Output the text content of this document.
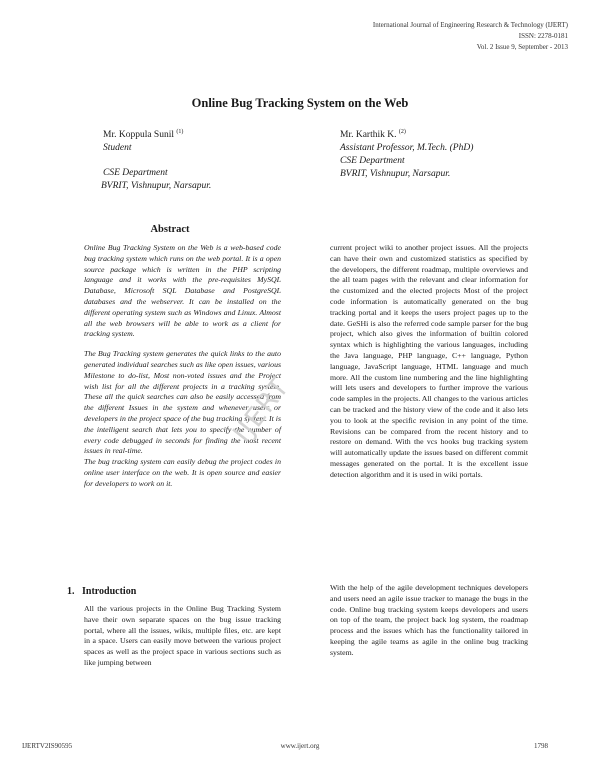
International Journal of Engineering Research & Technology (IJERT)
ISSN: 2278-0181
Vol. 2 Issue 9, September - 2013
Online Bug Tracking System on the Web
Mr. Koppula Sunil $^{(1)}$
Student
CSE Department
BVRIT, Vishnupur, Narsapur.
Mr. Karthik K. $^{(2)}$
Assistant Professor, M.Tech. (PhD)
CSE Department
BVRIT, Vishnupur, Narsapur.
Abstract

Online Bug Tracking System on the Web is a web-based code bug tracking system which runs on the web portal. It is a open source package which is written in the PHP scripting language and it works with the pre-requisites MySQL Database, Microsoft SQL Database and PostgreSQL databases and the webserver. It can be installed on the different operating system such as Windows and Linux. Almost all the web browsers will be able to work as a client for tracking system.

The Bug Tracking system generates the quick links to the auto generated individual searches such as like open issues, various Milestone to do-list, Most non-voted issues and the Project wish list for all the different projects in a tracking system. These all the quick searches can also be easily accessed from the different Issues in the system and whenever users or developers in the project space of the bug tracking system. It is the intelligent search that lets you to specify the number of every code debugged in seconds for finding the most recent issues in real-time.

The bug tracking system can easily debug the project codes in online user interface on the web. It is open source and easier for developers to work on it.

current project wiki to another project issues. All the projects can have their own and customized statistics as specified by the developers, the different roadmap, multiple overviews and the all team pages with the relevant and clear information for the customized and the elected projects Most of the project code information is automatically generated on the bug tracking portal and it keeps the users project pages up to the date. GeSHi is also the referred code sample parser for the bug project, which also gives the information of builtin colored syntax which is highlighting the various languages, including the Java language, PHP language, C++ language, Python language, JavaScript language, HTML language and much more. All the custom line numbering and the line highlighting will lets users and developers to further improve the various code samples in the projects. All changes to the various articles can be tracked and the history view of the code and it also lets you to look at the specific revision in any point of the time. Revisions can be compared from the recent history and to restore on demand. With the vcs hooks bug tracking system will automatically update the issues based on different commit messages generated on the portal. It is the excellent issue detection algorithm and it is used in wiki portals.

1. Introduction

All the various projects in the Online Bug Tracking System have their own separate spaces on the bug issue tracking portal, where all the issues, wikis, multiple files, etc. are kept in a space. Users can easily move between the various project spaces as well as the project space in various sections such as like jumping between

With the help of the agile development techniques developers and users need an agile issue tracker to manage the bugs in the code. Online bug tracking system keeps developers and users on top of the team, the project back log system, the roadmap process and the issues which has the functionality tailored in keeping the agile teams as agile in the online bug tracking system.

IJERT
IJERTV2IS90595	www.ijert.org	1798
